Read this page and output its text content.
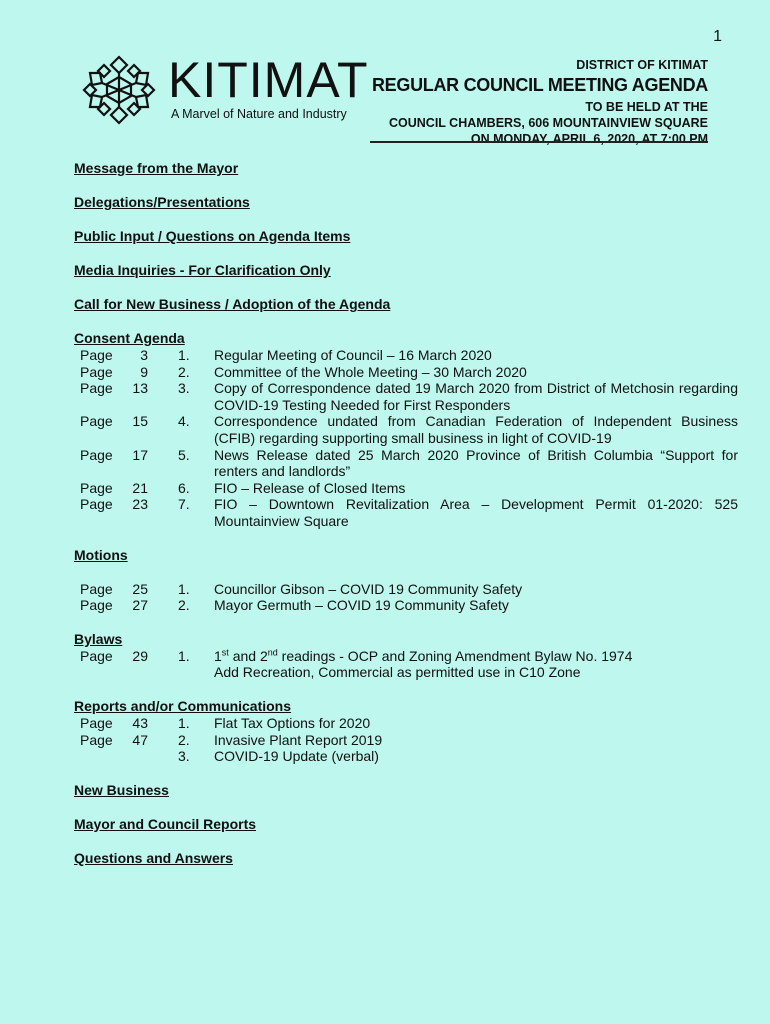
1
KITIMAT
A Marvel of Nature and Industry
DISTRICT OF KITIMAT
REGULAR COUNCIL MEETING AGENDA
TO BE HELD AT THE
COUNCIL CHAMBERS, 606 MOUNTAINVIEW SQUARE
ON MONDAY, APRIL 6, 2020, AT 7:00 PM
Message from the Mayor
Delegations/Presentations
Public Input / Questions on Agenda Items
Media Inquiries - For Clarification Only
Call for New Business / Adoption of the Agenda
Consent Agenda
Page	3	1.	Regular Meeting of Council – 16 March 2020
Page	9	2.	Committee of the Whole Meeting – 30 March 2020
Page	13	3.	Copy of Correspondence dated 19 March 2020 from District of Metchosin regarding
COVID-19 Testing Needed for First Responders
Page	15	4.	Correspondence undated from Canadian Federation of Independent Business
(CFIB) regarding supporting small business in light of COVID-19
Page	17	5.	News Release dated 25 March 2020 Province of British Columbia “Support for
renters and landlords”
Page	21	6.	FIO – Release of Closed Items
Page	23	7.	FIO – Downtown Revitalization Area – Development Permit 01-2020: 525
Mountainview Square
Motions
Page	25	1.	Councillor Gibson – COVID 19 Community Safety
Page	27	2.	Mayor Germuth – COVID 19 Community Safety
Bylaws
Page	29	1.	1st and 2nd readings - OCP and Zoning Amendment Bylaw No. 1974
Add Recreation, Commercial as permitted use in C10 Zone
Reports and/or Communications
Page	43	1.	Flat Tax Options for 2020
Page	47	2.	Invasive Plant Report 2019
3.	COVID-19 Update (verbal)
New Business
Mayor and Council Reports
Questions and Answers
